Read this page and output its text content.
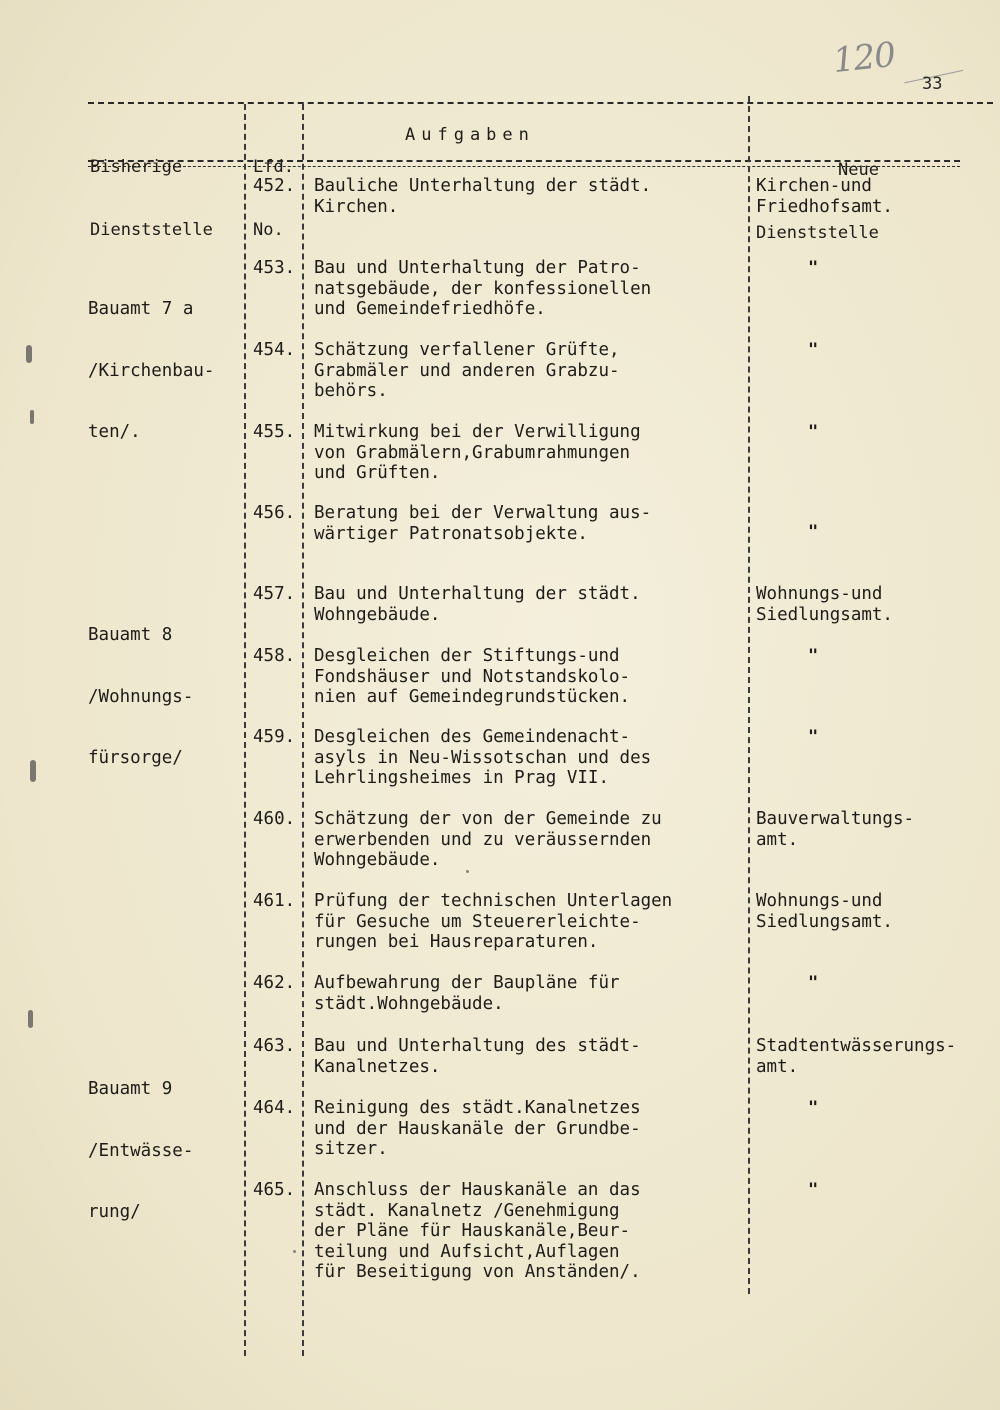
120
33

Bisherige

Dienststelle

Lfd.

No.

Aufgaben

Neue

Dienststelle

Bauamt 7 a

/Kirchenbau-

ten/.

Bauamt 8

/Wohnungs-

fürsorge/

Bauamt 9

/Entwässe-

rung/

452. Bauliche Unterhaltung der städt.
Kirchen.
Kirchen-und
Friedhofsamt.
453. Bau und Unterhaltung der Patro-
natsgebäude, der konfessionellen
und Gemeindefriedhöfe.
"
454. Schätzung verfallener Grüfte,
Grabmäler und anderen Grabzu-
behörs.
"
455. Mitwirkung bei der Verwilligung
von Grabmälern,Grabumrahmungen
und Grüften.
"
456. Beratung bei der Verwaltung aus-
wärtiger Patronatsobjekte.	"
457. Bau und Unterhaltung der städt.
Wohngebäude.
Wohnungs-und
Siedlungsamt.
458. Desgleichen der Stiftungs-und
Fondshäuser und Notstandskolo-
nien auf Gemeindegrundstücken.
"
459. Desgleichen des Gemeindenacht-
asyls in Neu-Wissotschan und des
Lehrlingsheimes in Prag VII.
"
460. Schätzung der von der Gemeinde zu
erwerbenden und zu veräussernden
Wohngebäude.
Bauverwaltungs-
amt.
461. Prüfung der technischen Unterlagen
für Gesuche um Steuererleichte-
rungen bei Hausreparaturen.
Wohnungs-und
Siedlungsamt.
462. Aufbewahrung der Baupläne für
städt.Wohngebäude.
"
463. Bau und Unterhaltung des städt-
Kanalnetzes.
Stadtentwässerungs-
amt.
464. Reinigung des städt.Kanalnetzes
und der Hauskanäle der Grundbe-
sitzer.
"
465. Anschluss der Hauskanäle an das
städt. Kanalnetz /Genehmigung
der Pläne für Hauskanäle,Beur-
teilung und Aufsicht,Auflagen
für Beseitigung von Anständen/.
"
